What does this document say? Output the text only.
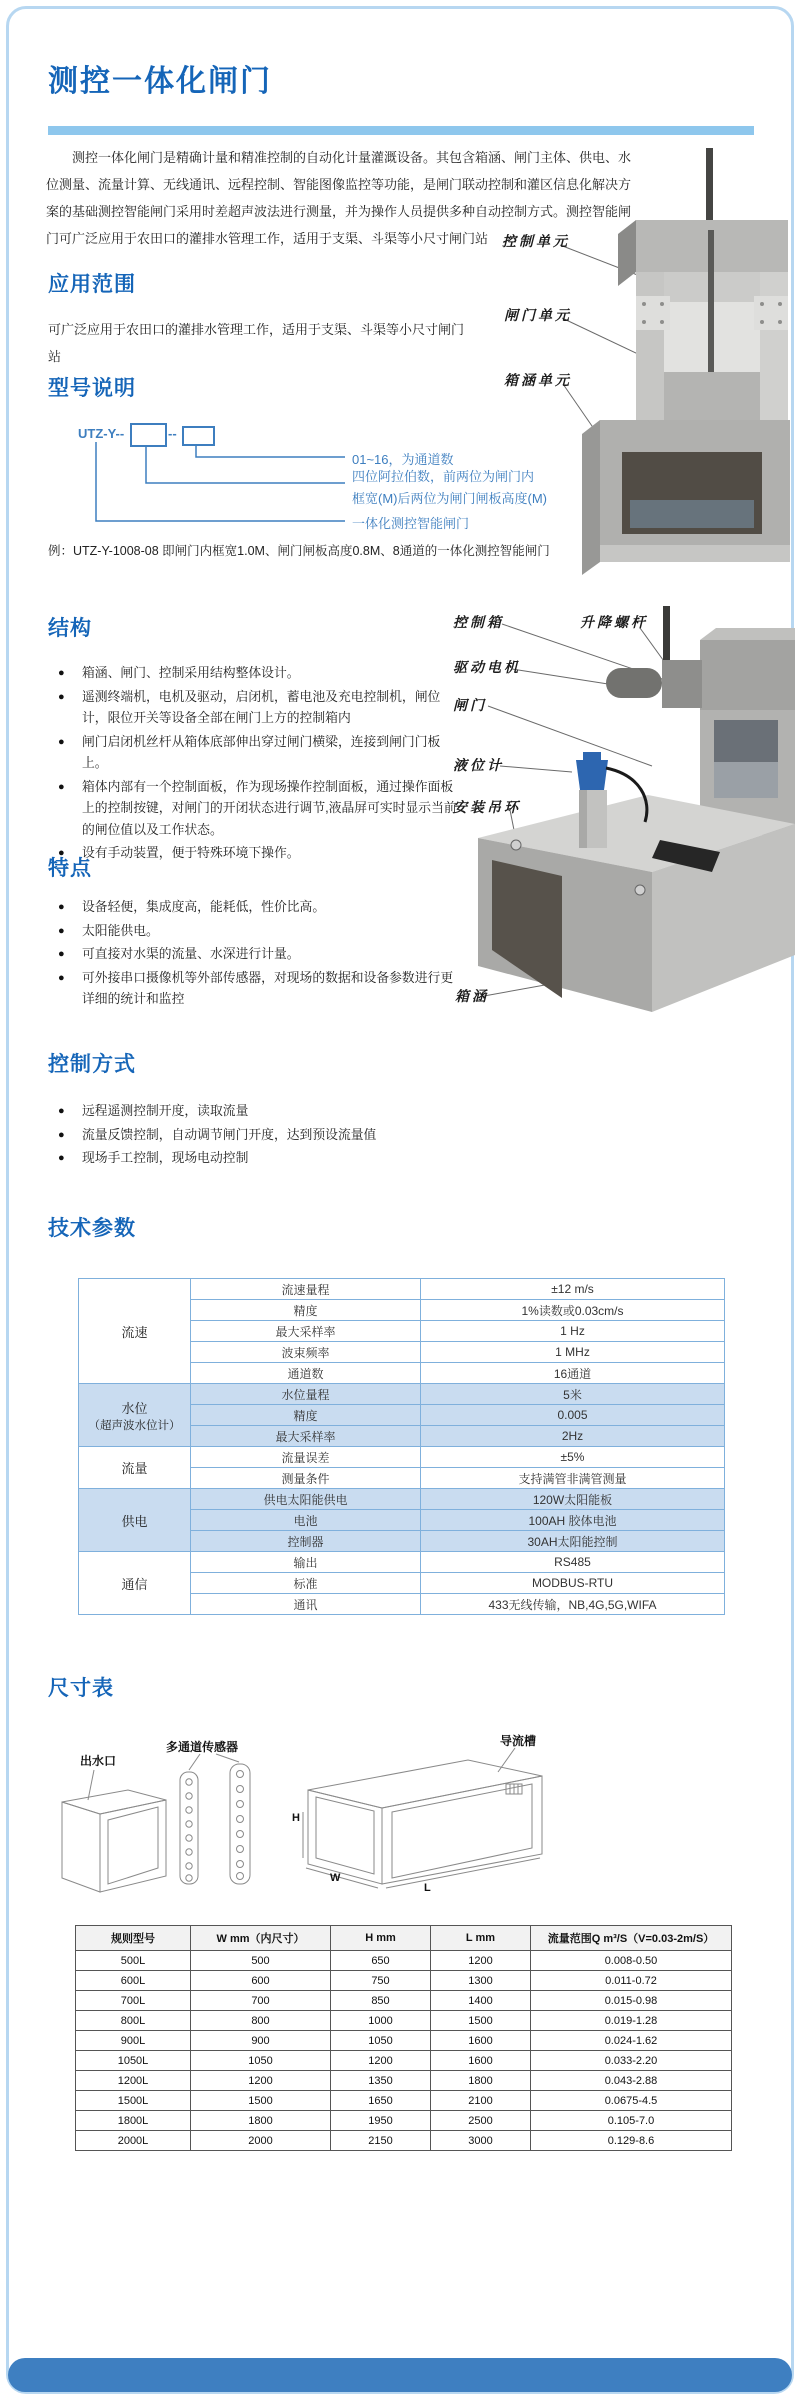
测控一体化闸门
测控一体化闸门是精确计量和精准控制的自动化计量灌溉设备。其包含箱涵、闸门主体、供电、水位测量、流量计算、无线通讯、远程控制、智能图像监控等功能，是闸门联动控制和灌区信息化解决方案的基础测控智能闸门采用时差超声波法进行测量，并为操作人员提供多种自动控制方式。测控智能闸门可广泛应用于农田口的灌排水管理工作，适用于支渠、斗渠等小尺寸闸门站 控制单元
闸门单元
箱涵单元
应用范围
可广泛应用于农田口的灌排水管理工作，适用于支渠、斗渠等小尺寸闸门站
型号说明
UTZ-Y--	--
01~16，为通道数
四位阿拉伯数，前两位为闸门内
框宽(M)后两位为闸门闸板高度(M)
一体化测控智能闸门
例：UTZ-Y-1008-08 即闸门内框宽1.0M、闸门闸板高度0.8M、8通道的一体化测控智能闸门
结构
● 箱涵、闸门、控制采用结构整体设计。
● 遥测终端机，电机及驱动，启闭机，蓄电池及充电控制机，闸位计，限位开关等设备全部在闸门上方的控制箱内
● 闸门启闭机丝杆从箱体底部伸出穿过闸门横梁，连接到闸门门板上。
● 箱体内部有一个控制面板，作为现场操作控制面板，通过操作面板上的控制按键，对闸门的开闭状态进行调节,液晶屏可实时显示当前的闸位值以及工作状态。
● 设有手动装置，便于特殊环境下操作。
控制箱	升降螺杆
驱动电机
闸门
液位计
安装吊环
箱涵
特点
● 设备轻便，集成度高，能耗低，性价比高。
● 太阳能供电。
● 可直接对水渠的流量、水深进行计量。
● 可外接串口摄像机等外部传感器，对现场的数据和设备参数进行更详细的统计和监控
控制方式
● 远程遥测控制开度，读取流量
● 流量反馈控制，自动调节闸门开度，达到预设流量值
● 现场手工控制，现场电动控制
技术参数
流速	流速量程	±12 m/s
	精度	1%读数或0.03cm/s
	最大采样率	1 Hz
	波束频率	1 MHz
	通道数	16通道

水位
（超声波水位计）	水位量程	5米
	精度	0.005
	最大采样率	2Hz
流量	流量误差	±5%
	测量条件	支持满管非满管测量
供电	供电太阳能供电	120W太阳能板
	电池	100AH 胶体电池
	控制器	30AH太阳能控制
通信	输出	RS485
	标准	MODBUS-RTU
	通讯	433无线传输，NB,4G,5G,WIFA
尺寸表
出水口
多通道传感器	导流槽
H
W
L
规则型号	W mm（内尺寸）	H mm	L mm	流量范围Q m³/S（V=0.03-2m/S）
500L	500	650	1200	0.008-0.50
600L	600	750	1300	0.011-0.72
700L	700	850	1400	0.015-0.98
800L	800	1000	1500	0.019-1.28
900L	900	1050	1600	0.024-1.62
1050L	1050	1200	1600	0.033-2.20
1200L	1200	1350	1800	0.043-2.88
1500L	1500	1650	2100	0.0675-4.5
1800L	1800	1950	2500	0.105-7.0
2000L	2000	2150	3000	0.129-8.6
